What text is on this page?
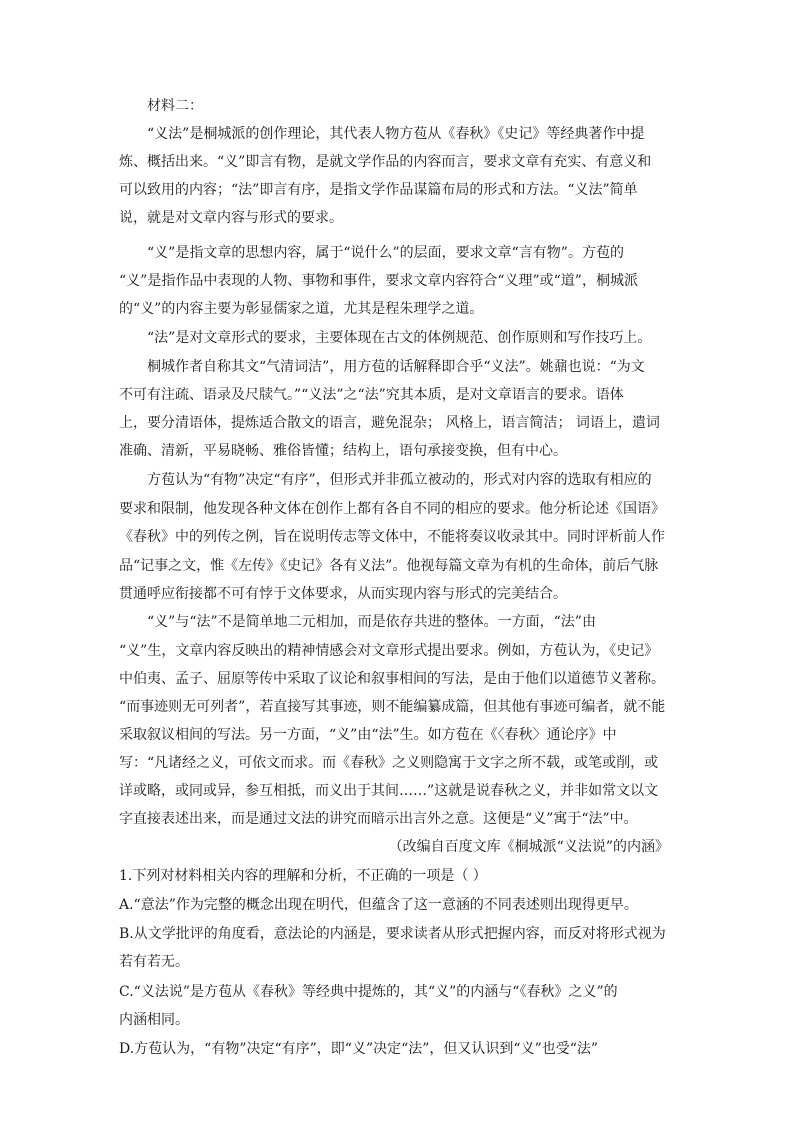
材料二：
“义法”是桐城派的创作理论，其代表人物方苞从《春秋》《史记》等经典著作中提
炼、概括出来。“义”即言有物，是就文学作品的内容而言，要求文章有充实、有意义和
可以致用的内容；“法”即言有序，是指文学作品谋篇布局的形式和方法。“义法”简单
说，就是对文章内容与形式的要求。
“义”是指文章的思想内容，属于“说什么”的层面，要求文章“言有物”。方苞的
“义”是指作品中表现的人物、事物和事件，要求文章内容符合“义理”或“道”，桐城派
的“义”的内容主要为彰显儒家之道，尤其是程朱理学之道。
“法”是对文章形式的要求，主要体现在古文的体例规范、创作原则和写作技巧上。
桐城作者自称其文“气清词洁”，用方苞的话解释即合乎“义法”。姚鼐也说：“为文
不可有注疏、语录及尺牍气。”“义法”之“法”究其本质，是对文章语言的要求。语体
上，要分清语体，提炼适合散文的语言，避免混杂； 风格上，语言简洁； 词语上，遣词
准确、清新，平易晓畅、雅俗皆懂；结构上，语句承接变换，但有中心。
方苞认为“有物”决定“有序”，但形式并非孤立被动的，形式对内容的选取有相应的
要求和限制，他发现各种文体在创作上都有各自不同的相应的要求。他分析论述《国语》
《春秋》中的列传之例，旨在说明传志等文体中，不能将奏议收录其中。同时评析前人作
品“记事之文，惟《左传》《史记》各有义法”。他视每篇文章为有机的生命体，前后气脉
贯通呼应衔接都不可有悖于文体要求，从而实现内容与形式的完美结合。
“义”与“法”不是简单地二元相加，而是依存共进的整体。一方面，“法”由
“义”生，文章内容反映出的精神情感会对文章形式提出要求。例如，方苞认为，《史记》
中伯夷、孟子、屈原等传中采取了议论和叙事相间的写法，是由于他们以道德节义著称。
“而事迹则无可列者”，若直接写其事迹，则不能编纂成篇，但其他有事迹可编者，就不能
采取叙议相间的写法。另一方面，“义”由“法”生。如方苞在《〈春秋〉通论序》中
写：“凡诸经之义，可依文而求。而《春秋》之义则隐寓于文字之所不载，或笔或削，或
详或略，或同或异，参互相抵，而义出于其间……”这就是说春秋之义，并非如常文以文
字直接表述出来，而是通过文法的讲究而暗示出言外之意。这便是“义”寓于“法”中。
（改编自百度文库《桐城派“义法说”的内涵》
1.下列对材料相关内容的理解和分析，不正确的一项是（ ）
A.“意法”作为完整的概念出现在明代，但蕴含了这一意涵的不同表述则出现得更早。
B.从文学批评的角度看，意法论的内涵是，要求读者从形式把握内容，而反对将形式视为
若有若无。
C.“义法说”是方苞从《春秋》等经典中提炼的，其“义”的内涵与“《春秋》之义”的
内涵相同。
D.方苞认为，“有物”决定“有序”，即“义”决定“法”，但又认识到“义”也受“法”
